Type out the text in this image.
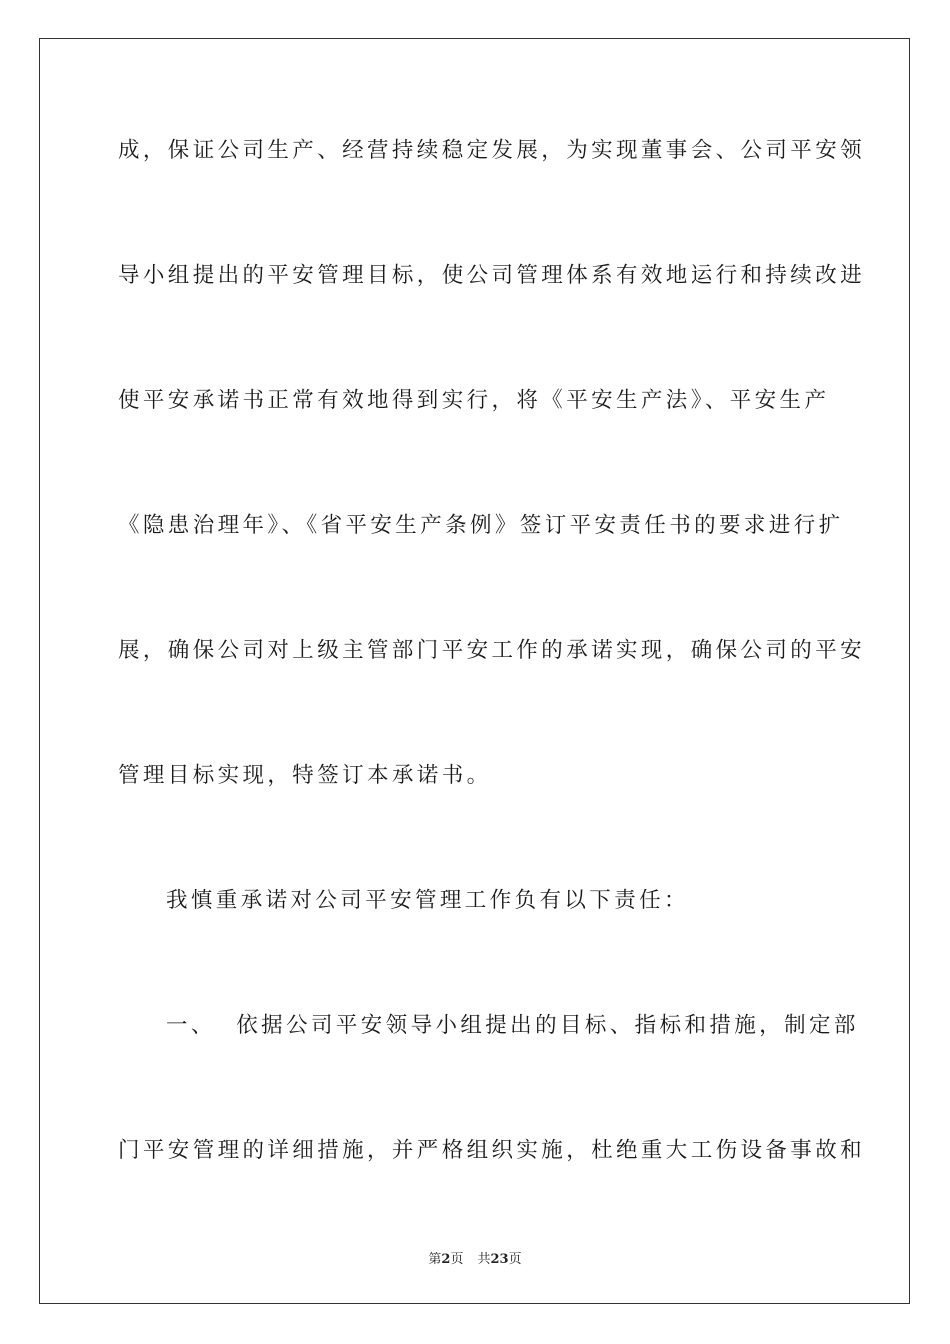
成，保证公司生产、经营持续稳定发展，为实现董事会、公司平安领
导小组提出的平安管理目标，使公司管理体系有效地运行和持续改进
使平安承诺书正常有效地得到实行，将《平安生产法》、平安生产
《隐患治理年》、《省平安生产条例》签订平安责任书的要求进行扩
展，确保公司对上级主管部门平安工作的承诺实现，确保公司的平安
管理目标实现，特签订本承诺书。
我慎重承诺对公司平安管理工作负有以下责任：
一、  依据公司平安领导小组提出的目标、指标和措施，制定部
门平安管理的详细措施，并严格组织实施，杜绝重大工伤设备事故和
第2页 共23页
